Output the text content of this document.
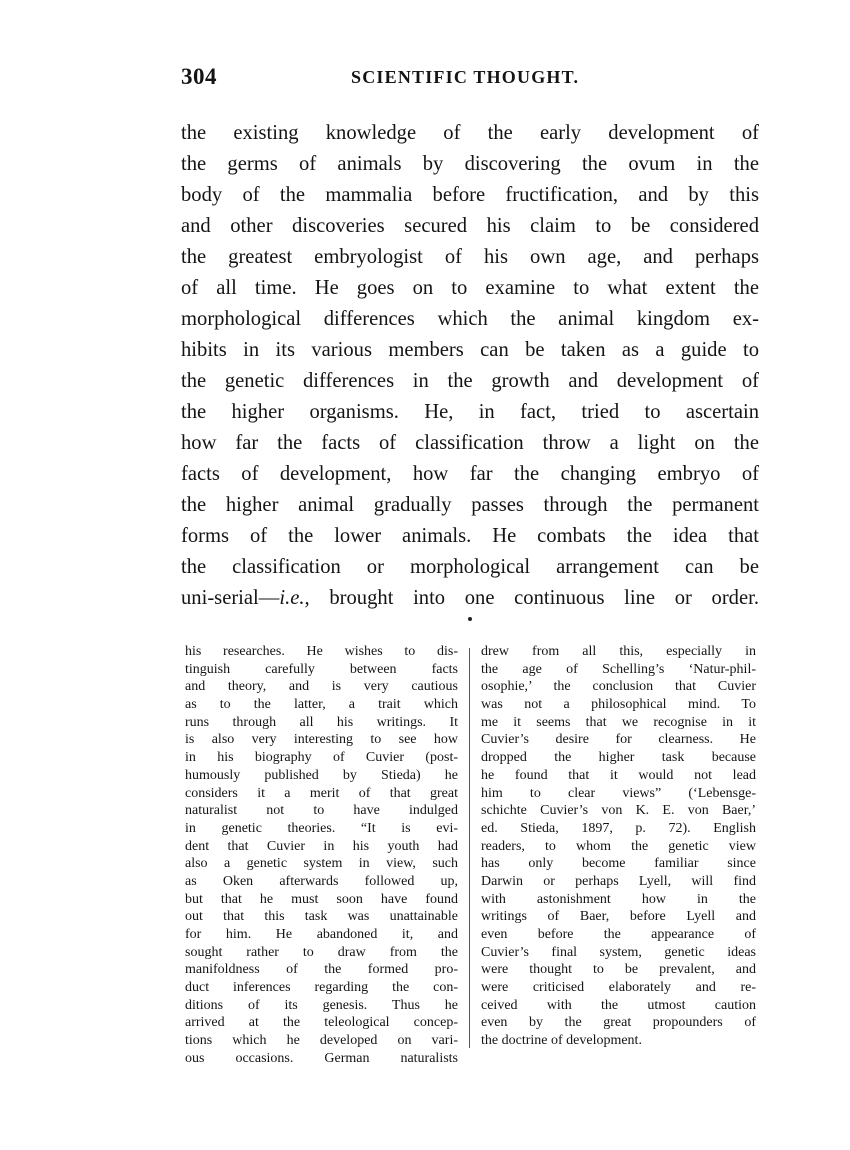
304	SCIENTIFIC THOUGHT.
the existing knowledge of the early development of
the germs of animals by discovering the ovum in the
body of the mammalia before fructification, and by this
and other discoveries secured his claim to be considered
the greatest embryologist of his own age, and perhaps
of all time. He goes on to examine to what extent the
morphological differences which the animal kingdom ex-
hibits in its various members can be taken as a guide to
the genetic differences in the growth and development of
the higher organisms. He, in fact, tried to ascertain
how far the facts of classification throw a light on the
facts of development, how far the changing embryo of
the higher animal gradually passes through the permanent
forms of the lower animals. He combats the idea that
the classification or morphological arrangement can be
uni-serial—i.e., brought into one continuous line or order.
his researches. He wishes to dis-
tinguish carefully between facts
and theory, and is very cautious
as to the latter, a trait which
runs through all his writings. It
is also very interesting to see how
in his biography of Cuvier (post-
humously published by Stieda) he
considers it a merit of that great
naturalist not to have indulged
in genetic theories. “It is evi-
dent that Cuvier in his youth had
also a genetic system in view, such
as Oken afterwards followed up,
but that he must soon have found
out that this task was unattainable
for him. He abandoned it, and
sought rather to draw from the
manifoldness of the formed pro-
duct inferences regarding the con-
ditions of its genesis. Thus he
arrived at the teleological concep-
tions which he developed on vari-
ous occasions. German naturalists
drew from all this, especially in
the age of Schelling’s ‘Natur-phil-
osophie,’ the conclusion that Cuvier
was not a philosophical mind. To
me it seems that we recognise in it
Cuvier’s desire for clearness. He
dropped the higher task because
he found that it would not lead
him to clear views” (‘Lebensge-
schichte Cuvier’s von K. E. von Baer,’
ed. Stieda, 1897, p. 72). English
readers, to whom the genetic view
has only become familiar since
Darwin or perhaps Lyell, will find
with astonishment how in the
writings of Baer, before Lyell and
even before the appearance of
Cuvier’s final system, genetic ideas
were thought to be prevalent, and
were criticised elaborately and re-
ceived with the utmost caution
even by the great propounders of
the doctrine of development.
